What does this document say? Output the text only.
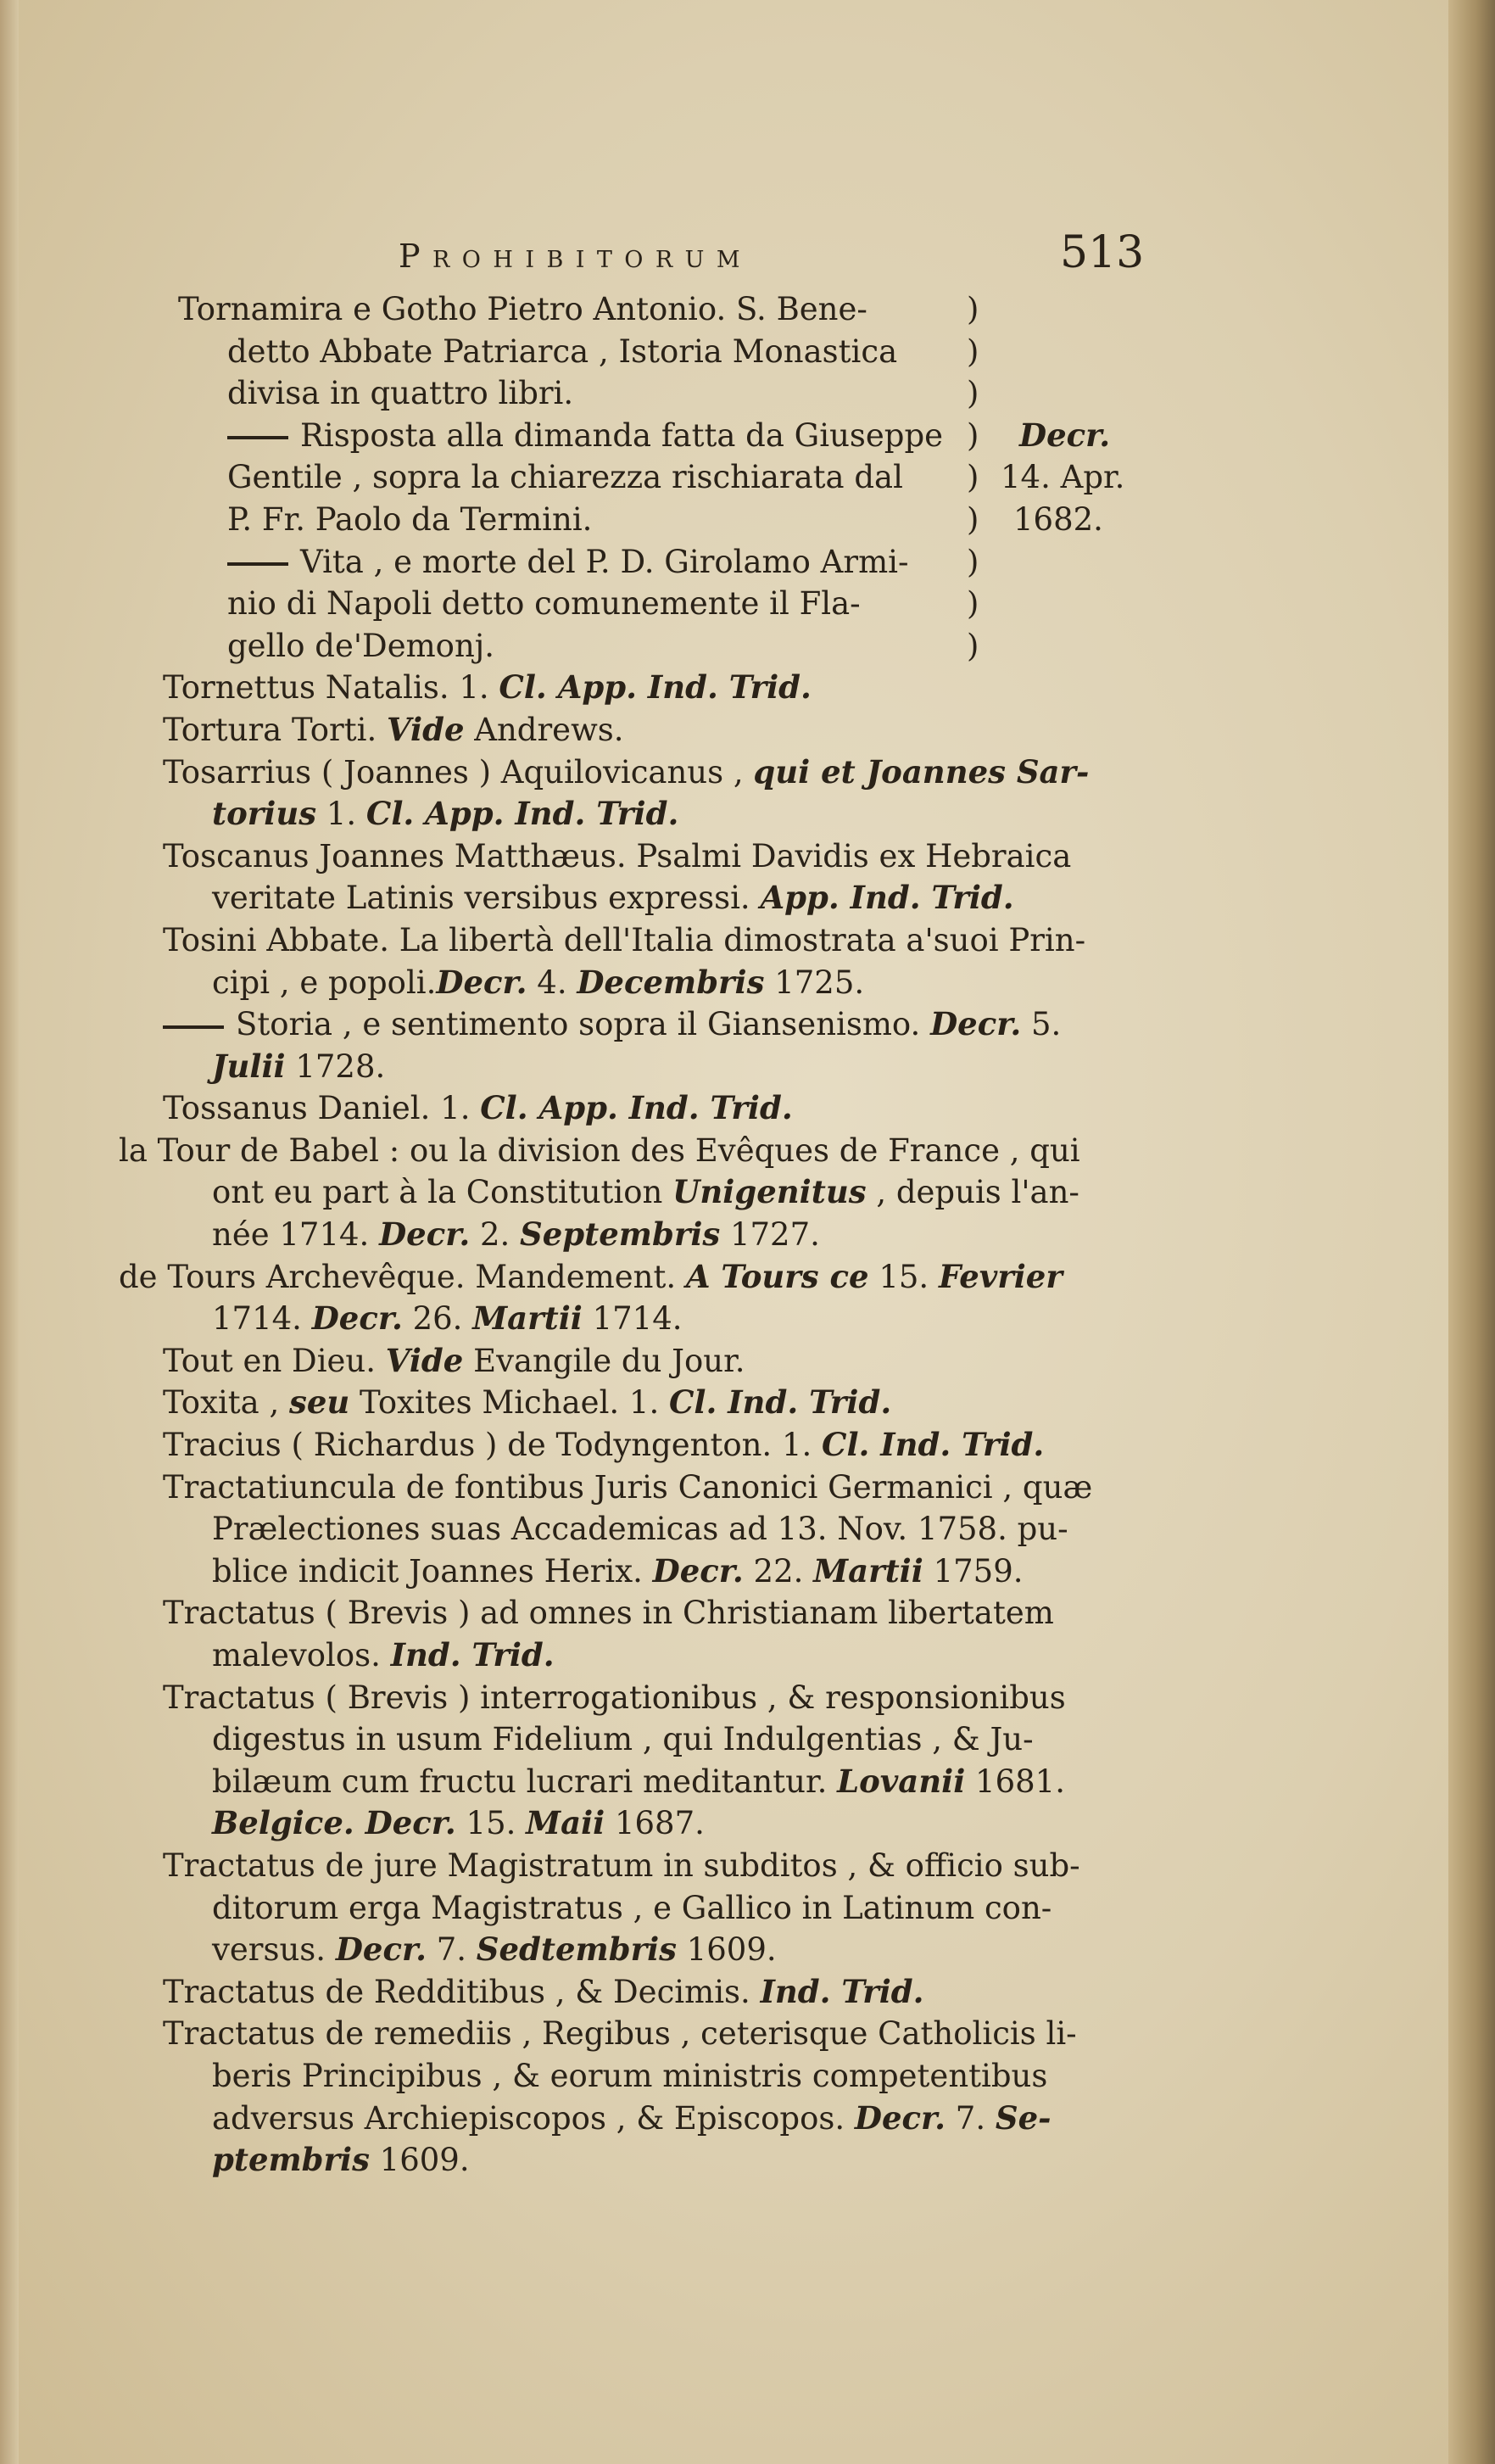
Prohibitorum	513
Tornamira e Gotho Pietro Antonio. S. Bene-	)
detto Abbate Patriarca , Istoria Monastica )
divisa in quattro libri.	)
Risposta alla dimanda fatta da Giuseppe ) Decr.
Gentile , sopra la chiarezza rischiarata dal ) 14. Apr.
P. Fr. Paolo da Termini.	) 1682.
Vita , e morte del P. D. Girolamo Armi- )
nio di Napoli detto comunemente il Fla-	)
gello de'Demonj.	)
Tornettus Natalis. 1. Cl. App. Ind. Trid.
Tortura Torti. Vide Andrews.
Tosarrius ( Joannes ) Aquilovicanus , qui et Joannes Sar-
torius 1. Cl. App. Ind. Trid.
Toscanus Joannes Matthæus. Psalmi Davidis ex Hebraica
veritate Latinis versibus expressi. App. Ind. Trid.
Tosini Abbate. La libertà dell'Italia dimostrata a'suoi Prin-
cipi , e popoli.Decr. 4. Decembris 1725.
Storia , e sentimento sopra il Giansenismo. Decr. 5.
Julii 1728.
Tossanus Daniel. 1. Cl. App. Ind. Trid.
la Tour de Babel : ou la division des Evêques de France , qui
ont eu part à la Constitution Unigenitus , depuis l'an-
née 1714. Decr. 2. Septembris 1727.
de Tours Archevêque. Mandement. A Tours ce 15. Fevrier
1714. Decr. 26. Martii 1714.
Tout en Dieu. Vide Evangile du Jour.
Toxita , seu Toxites Michael. 1. Cl. Ind. Trid.
Tracius ( Richardus ) de Todyngenton. 1. Cl. Ind. Trid.
Tractatiuncula de fontibus Juris Canonici Germanici , quæ
Prælectiones suas Accademicas ad 13. Nov. 1758. pu-
blice indicit Joannes Herix. Decr. 22. Martii 1759.
Tractatus ( Brevis ) ad omnes in Christianam libertatem
malevolos. Ind. Trid.
Tractatus ( Brevis ) interrogationibus , & responsionibus
digestus in usum Fidelium , qui Indulgentias , & Ju-
bilæum cum fructu lucrari meditantur. Lovanii 1681.
Belgice. Decr. 15. Maii 1687.
Tractatus de jure Magistratum in subditos , & officio sub-
ditorum erga Magistratus , e Gallico in Latinum con-
versus. Decr. 7. Sedtembris 1609.
Tractatus de Redditibus , & Decimis. Ind. Trid.
Tractatus de remediis , Regibus , ceterisque Catholicis li-
beris Principibus , & eorum ministris competentibus
adversus Archiepiscopos , & Episcopos. Decr. 7. Se-
ptembris 1609.
